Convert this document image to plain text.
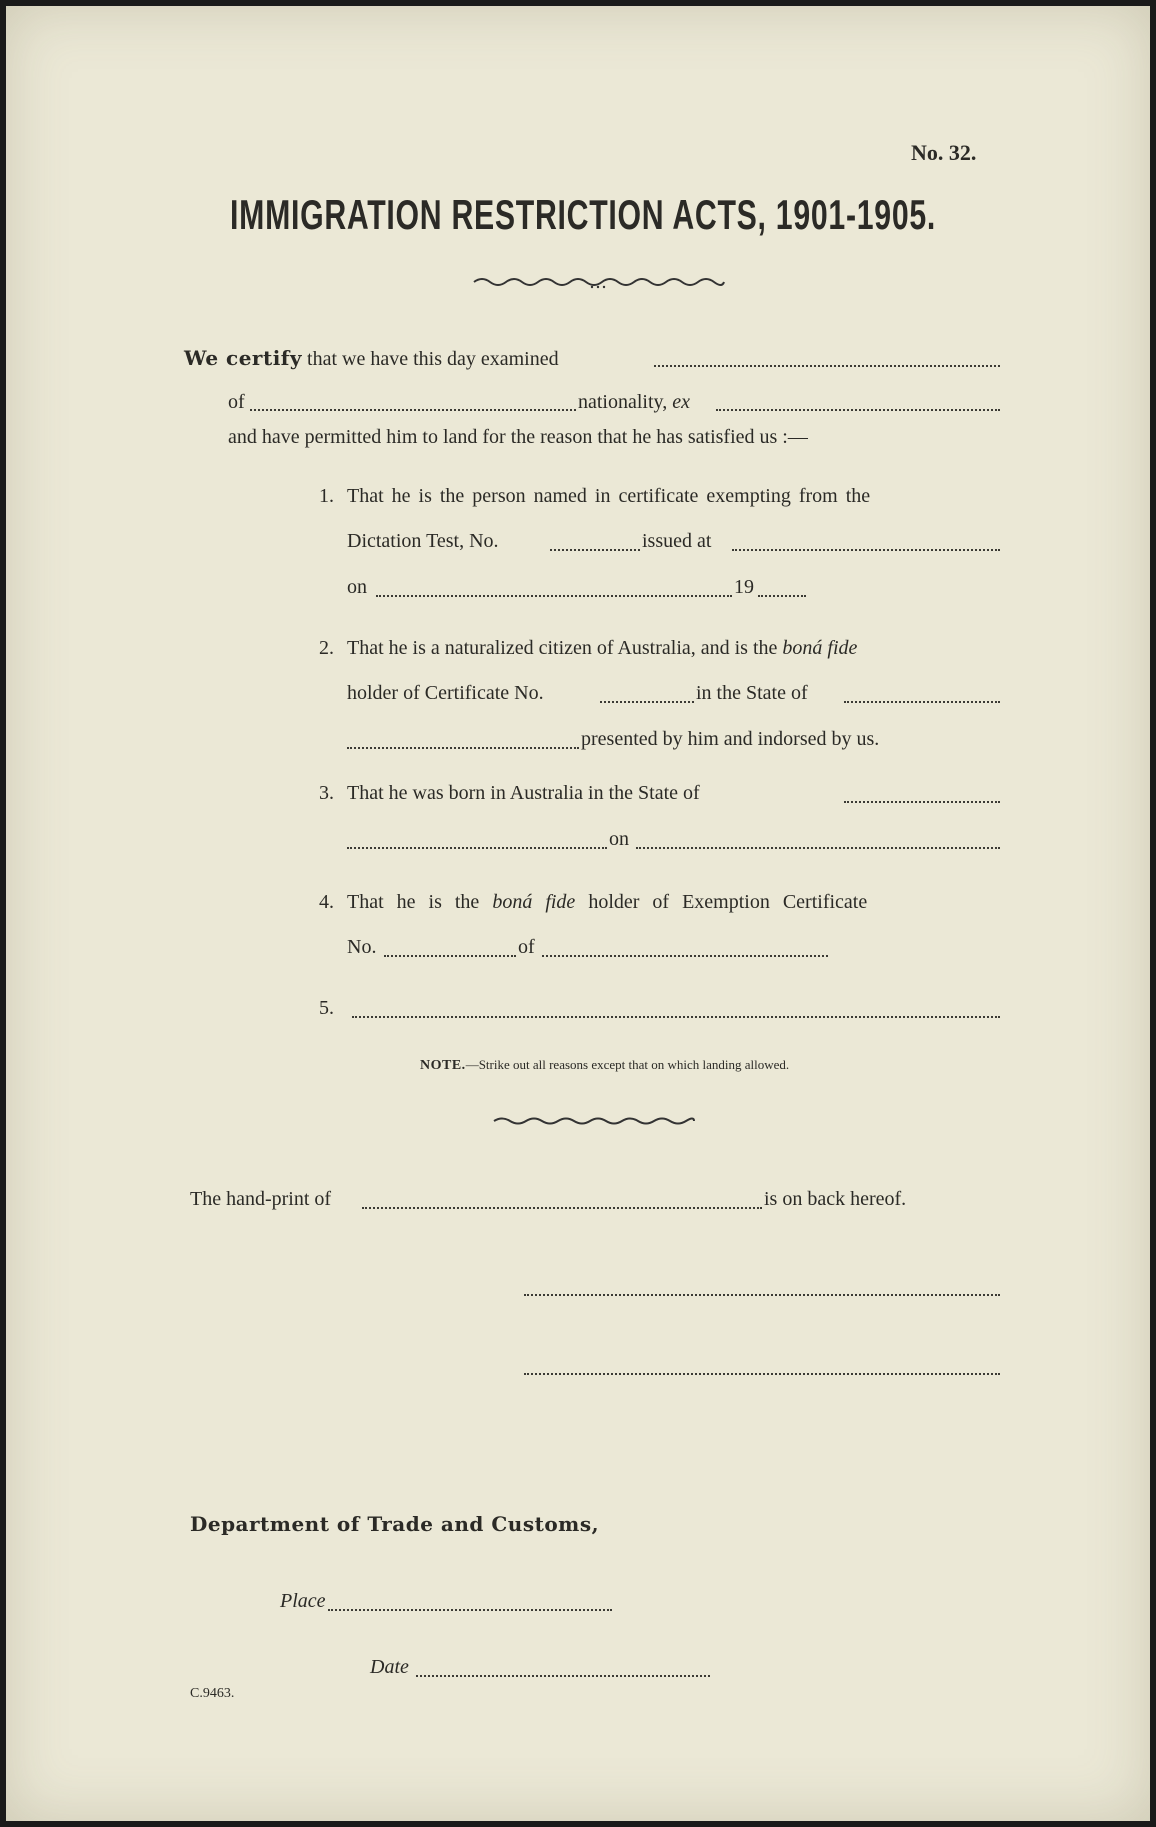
No. 32.
IMMIGRATION RESTRICTION ACTS, 1901-1905.
We certify that we have this day examined
of	nationality, ex
and have permitted him to land for the reason that he has satisfied us :—
1. That he is the person named in certificate exempting from the
Dictation Test, No.	issued at
on	19
2. That he is a naturalized citizen of Australia, and is the boná fide
holder of Certificate No.	in the State of
presented by him and indorsed by us.
3. That he was born in Australia in the State of
on
4. That he is the boná fide holder of Exemption Certificate
No.	of
5.
NOTE.—Strike out all reasons except that on which landing allowed.
The hand-print of	is on back hereof.
Department of Trade and Customs,
Place
Date
C.9463.
